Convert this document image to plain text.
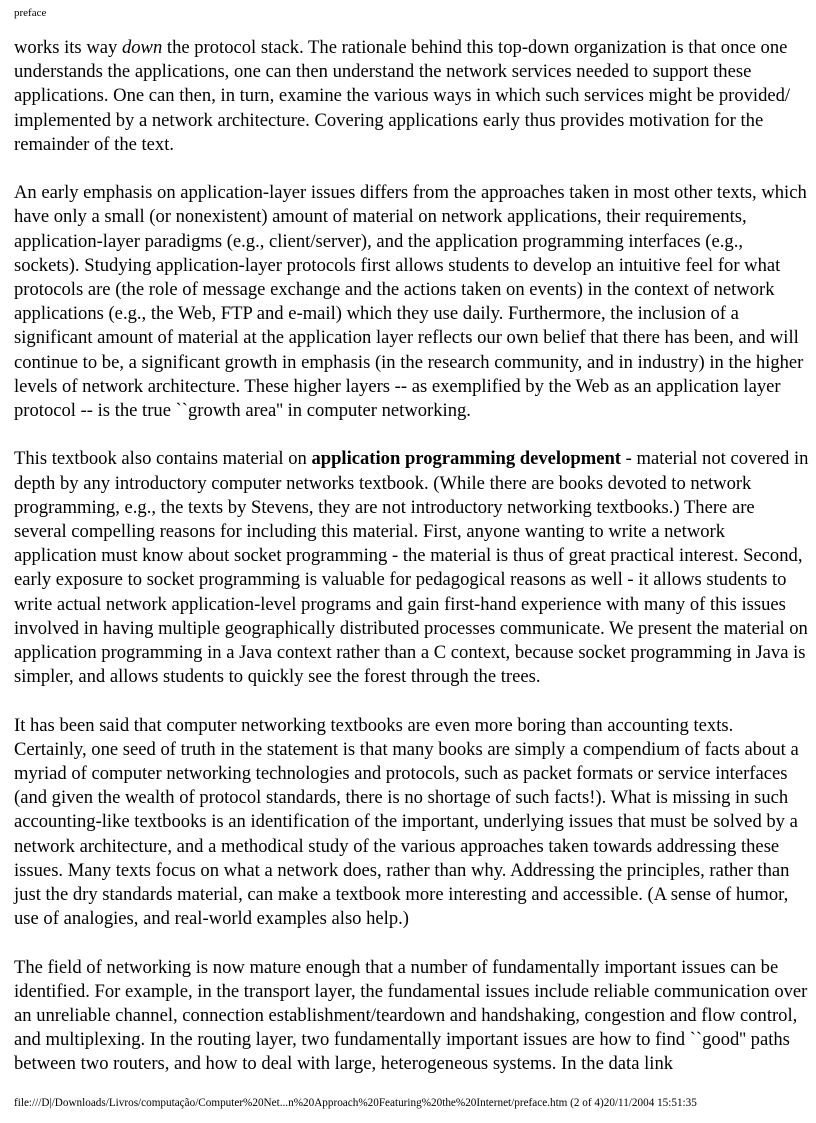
preface

works its way down the protocol stack. The rationale behind this top-down organization is that once one understands the applications, one can then understand the network services needed to support these applications. One can then, in turn, examine the various ways in which such services might be provided/ implemented by a network architecture. Covering applications early thus provides motivation for the remainder of the text.

An early emphasis on application-layer issues differs from the approaches taken in most other texts, which have only a small (or nonexistent) amount of material on network applications, their requirements, application-layer paradigms (e.g., client/server), and the application programming interfaces (e.g., sockets). Studying application-layer protocols first allows students to develop an intuitive feel for what protocols are (the role of message exchange and the actions taken on events) in the context of network applications (e.g., the Web, FTP and e-mail) which they use daily. Furthermore, the inclusion of a significant amount of material at the application layer reflects our own belief that there has been, and will continue to be, a significant growth in emphasis (in the research community, and in industry) in the higher levels of network architecture. These higher layers -- as exemplified by the Web as an application layer protocol -- is the true ``growth area'' in computer networking.

This textbook also contains material on application programming development - material not covered in depth by any introductory computer networks textbook. (While there are books devoted to network programming, e.g., the texts by Stevens, they are not introductory networking textbooks.) There are several compelling reasons for including this material. First, anyone wanting to write a network application must know about socket programming - the material is thus of great practical interest. Second, early exposure to socket programming is valuable for pedagogical reasons as well - it allows students to write actual network application-level programs and gain first-hand experience with many of this issues involved in having multiple geographically distributed processes communicate. We present the material on application programming in a Java context rather than a C context, because socket programming in Java is simpler, and allows students to quickly see the forest through the trees.

It has been said that computer networking textbooks are even more boring than accounting texts. Certainly, one seed of truth in the statement is that many books are simply a compendium of facts about a myriad of computer networking technologies and protocols, such as packet formats or service interfaces (and given the wealth of protocol standards, there is no shortage of such facts!). What is missing in such accounting-like textbooks is an identification of the important, underlying issues that must be solved by a network architecture, and a methodical study of the various approaches taken towards addressing these issues. Many texts focus on what a network does, rather than why. Addressing the principles, rather than just the dry standards material, can make a textbook more interesting and accessible. (A sense of humor, use of analogies, and real-world examples also help.)

The field of networking is now mature enough that a number of fundamentally important issues can be identified. For example, in the transport layer, the fundamental issues include reliable communication over an unreliable channel, connection establishment/teardown and handshaking, congestion and flow control, and multiplexing. In the routing layer, two fundamentally important issues are how to find ``good'' paths between two routers, and how to deal with large, heterogeneous systems. In the data link

file:///D|/Downloads/Livros/computação/Computer%20Net...n%20Approach%20Featuring%20the%20Internet/preface.htm (2 of 4)20/11/2004 15:51:35
